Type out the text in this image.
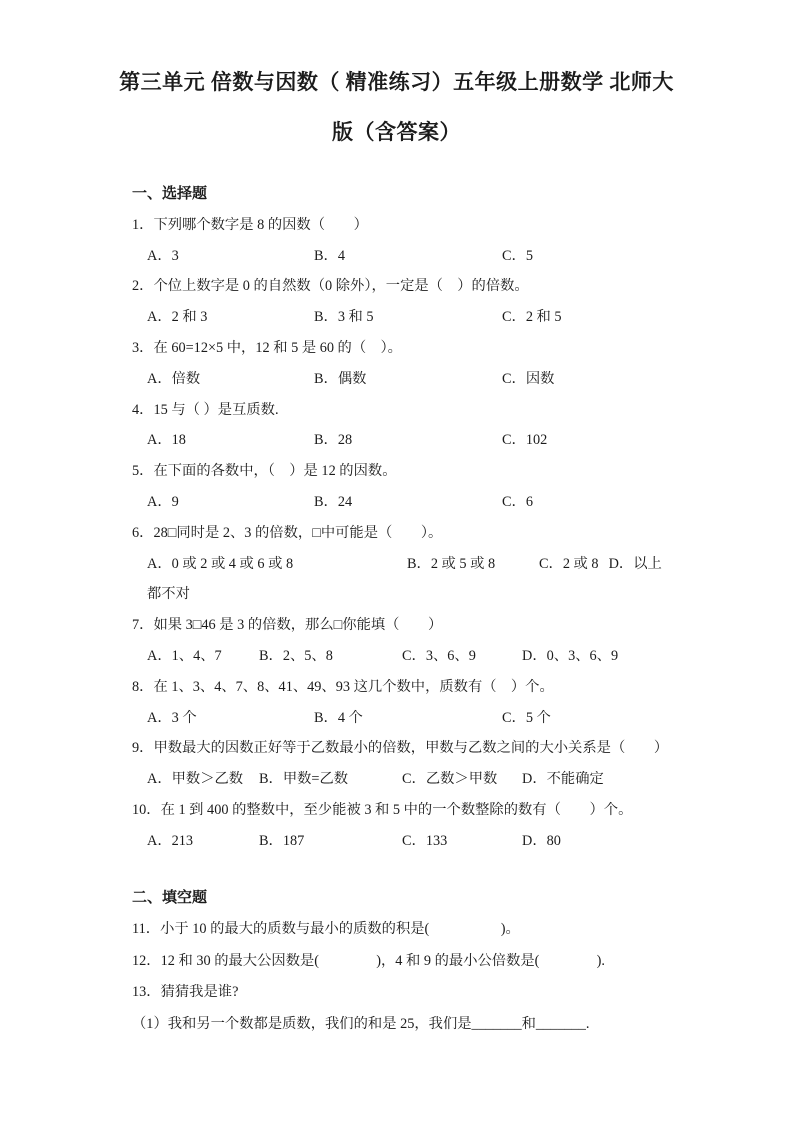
第三单元 倍数与因数（ 精准练习）五年级上册数学 北师大
版（含答案）
一、选择题

1．下列哪个数字是 8 的因数（　　）

A．3	B．4	C．5

2．个位上数字是 0 的自然数（0 除外），一定是（　）的倍数。

A．2 和 3	B．3 和 5	C．2 和 5

3．在 60=12×5 中，12 和 5 是 60 的（　）。

A．倍数	B．偶数	C．因数

4．15 与（ ）是互质数.

A．18	B．28	C．102

5．在下面的各数中，（　）是 12 的因数。

A．9	B．24	C．6

6．28□同时是 2、3 的倍数，□中可能是（　　）。

A．0 或 2 或 4 或 6 或 8	B．2 或 5 或 8	C．2 或 8 D．以上都不对

7．如果 3□46 是 3 的倍数，那么□你能填（　　）

A．1、4、7	B．2、5、8	C．3、6、9	D．0、3、6、9

8．在 1、3、4、7、8、41、49、93 这几个数中，质数有（　）个。

A．3 个	B．4 个	C．5 个

9．甲数最大的因数正好等于乙数最小的倍数，甲数与乙数之间的大小关系是（　　）

A．甲数＞乙数	B．甲数=乙数	C．乙数＞甲数	D．不能确定

10．在 1 到 400 的整数中，至少能被 3 和 5 中的一个数整除的数有（　　）个。

A．213	B．187	C．133	D．80
二、填空题

11．小于 10 的最大的质数与最小的质数的积是(　　　　　)。

12．12 和 30 的最大公因数是(　　　　)，4 和 9 的最小公倍数是(　　　　).

13．猜猜我是谁?

（1）我和另一个数都是质数，我们的和是 25，我们是_______和_______.
